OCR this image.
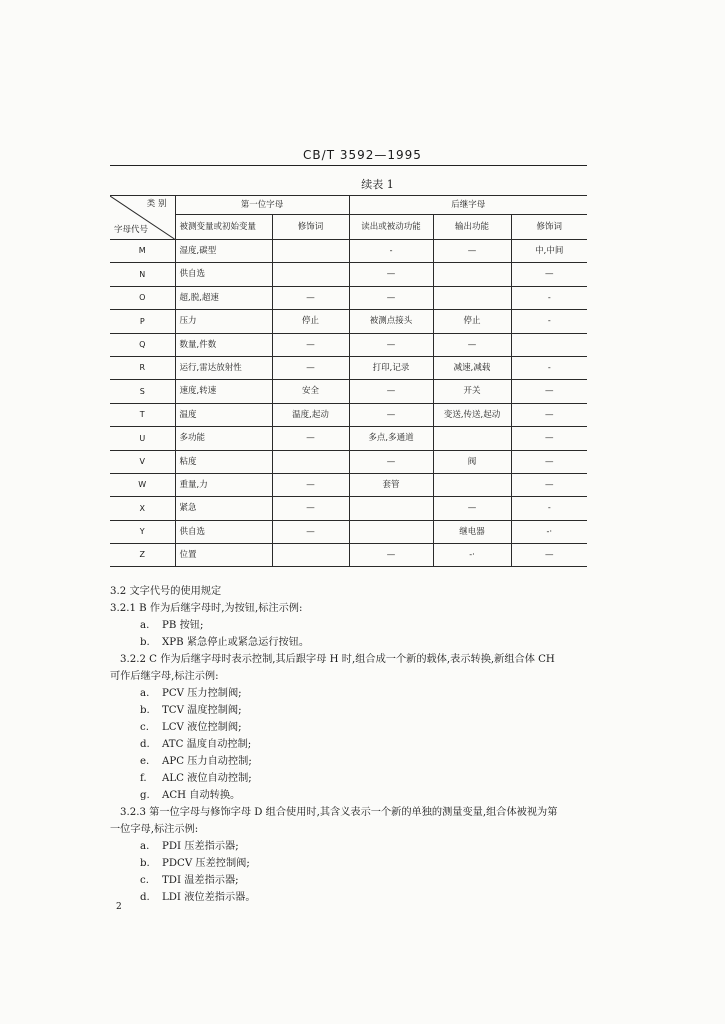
CB/T 3592—1995
续表 1
类 别
字母代号	第一位字母		后继字母		
	被测变量或初始变量	修饰词	读出或被动功能	输出功能	修饰词
M	湿度,碳型		-	—	中,中间
N	供自选		—		—
O	超,脱,超速	—	—		-
P	压力	停止	被测点接头	停止	-
Q	数量,件数	—	—	—	
R	运行,雷达放射性	—	打印,记录	减速,减载	-
S	速度,转速	安全	—	开关	—
T	温度	温度,起动	—	变送,传送,起动	—
U	多功能	—	多点,多通道		—
V	粘度		—	阀	—
W	重量,力	—	套管		—
X	紧急	—		—	-
Y	供自选	—		继电器	-·
Z	位置		—	-·	—

3.2 文字代号的使用规定

3.2.1 B 作为后继字母时,为按钮,标注示例:

a. PB 按钮;

b. XPB 紧急停止或紧急运行按钮。

3.2.2 C 作为后继字母时表示控制,其后跟字母 H 时,组合成一个新的载体,表示转换,新组合体 CH

可作后继字母,标注示例:

a. PCV 压力控制阀;

b. TCV 温度控制阀;

c. LCV 液位控制阀;

d. ATC 温度自动控制;

e. APC 压力自动控制;

f. ALC 液位自动控制;

g. ACH 自动转换。

3.2.3 第一位字母与修饰字母 D 组合使用时,其含义表示一个新的单独的测量变量,组合体被视为第

一位字母,标注示例:

a. PDI 压差指示器;

b. PDCV 压差控制阀;

c. TDI 温差指示器;

d. LDI 液位差指示器。

2
